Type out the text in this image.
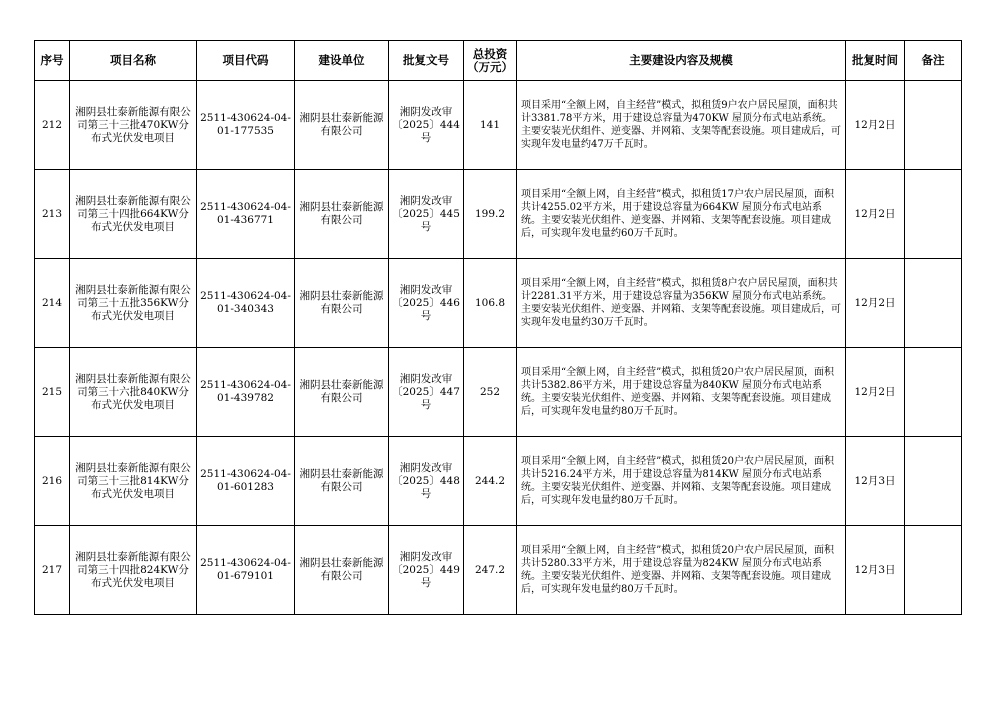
序号	项目名称	项目代码	建设单位	批复文号	总投资（万元）	主要建设内容及规模	批复时间	备注
212	湘阴县壮泰新能源有限公司第三十三批470KW分布式光伏发电项目	2511-430624-04-01-177535	湘阴县壮泰新能源有限公司	湘阴发改审〔2025〕444号	141	项目采用“全额上网，自主经营”模式，拟租赁9户农户居民屋顶，面积共计3381.78平方米，用于建设总容量为470KW 屋顶分布式电站系统。主要安装光伏组件、逆变器、并网箱、支架等配套设施。项目建成后，可实现年发电量约47万千瓦时。	12月2日	
213	湘阴县壮泰新能源有限公司第三十四批664KW分布式光伏发电项目	2511-430624-04-01-436771	湘阴县壮泰新能源有限公司	湘阴发改审〔2025〕445号	199.2	项目采用“全额上网，自主经营”模式，拟租赁17户农户居民屋顶，面积共计4255.02平方米，用于建设总容量为664KW 屋顶分布式电站系统。主要安装光伏组件、逆变器、并网箱、支架等配套设施。项目建成后，可实现年发电量约60万千瓦时。	12月2日	
214	湘阴县壮泰新能源有限公司第三十五批356KW分布式光伏发电项目	2511-430624-04-01-340343	湘阴县壮泰新能源有限公司	湘阴发改审〔2025〕446号	106.8	项目采用“全额上网，自主经营”模式，拟租赁8户农户居民屋顶，面积共计2281.31平方米，用于建设总容量为356KW 屋顶分布式电站系统。主要安装光伏组件、逆变器、并网箱、支架等配套设施。项目建成后，可实现年发电量约30万千瓦时。	12月2日	
215	湘阴县壮泰新能源有限公司第三十六批840KW分布式光伏发电项目	2511-430624-04-01-439782	湘阴县壮泰新能源有限公司	湘阴发改审〔2025〕447号	252	项目采用“全额上网，自主经营”模式，拟租赁20户农户居民屋顶，面积共计5382.86平方米，用于建设总容量为840KW 屋顶分布式电站系统。主要安装光伏组件、逆变器、并网箱、支架等配套设施。项目建成后，可实现年发电量约80万千瓦时。	12月2日	
216	湘阴县壮泰新能源有限公司第三十三批814KW分布式光伏发电项目	2511-430624-04-01-601283	湘阴县壮泰新能源有限公司	湘阴发改审〔2025〕448号	244.2	项目采用“全额上网，自主经营”模式，拟租赁20户农户居民屋顶，面积共计5216.24平方米，用于建设总容量为814KW 屋顶分布式电站系统。主要安装光伏组件、逆变器、并网箱、支架等配套设施。项目建成后，可实现年发电量约80万千瓦时。	12月3日	
217	湘阴县壮泰新能源有限公司第三十四批824KW分布式光伏发电项目	2511-430624-04-01-679101	湘阴县壮泰新能源有限公司	湘阴发改审〔2025〕449号	247.2	项目采用“全额上网，自主经营”模式，拟租赁20户农户居民屋顶，面积共计5280.33平方米，用于建设总容量为824KW 屋顶分布式电站系统。主要安装光伏组件、逆变器、并网箱、支架等配套设施。项目建成后，可实现年发电量约80万千瓦时。	12月3日	
